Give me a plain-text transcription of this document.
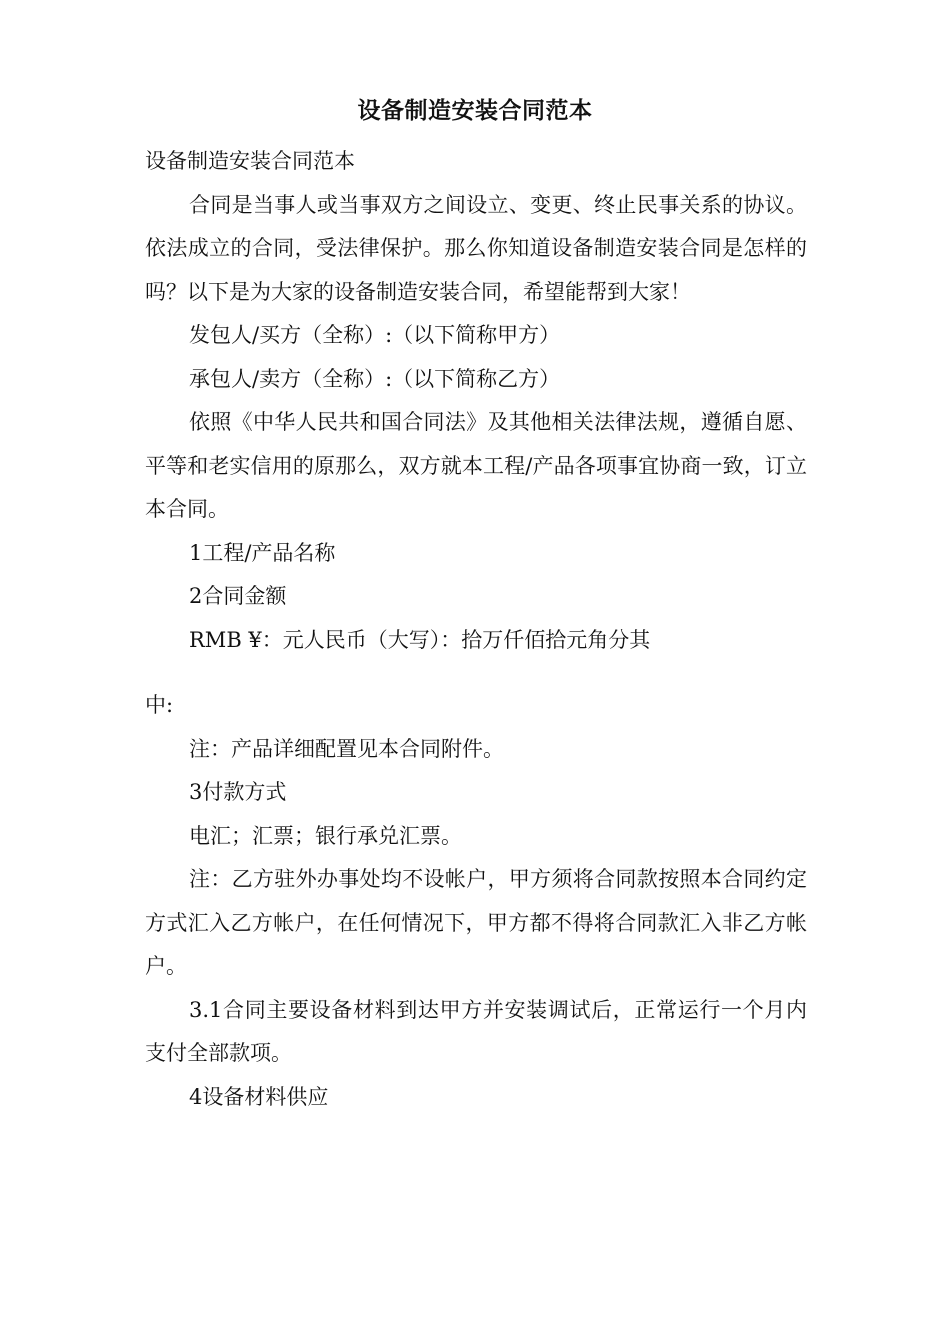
设备制造安装合同范本

设备制造安装合同范本

合同是当事人或当事双方之间设立、变更、终止民事关系的协议。依法成立的合同，受法律保护。那么你知道设备制造安装合同是怎样的吗？以下是为大家的设备制造安装合同，希望能帮到大家！

发包人/买方（全称）:（以下简称甲方）

承包人/卖方（全称）:（以下简称乙方）

依照《中华人民共和国合同法》及其他相关法律法规，遵循自愿、平等和老实信用的原那么，双方就本工程/产品各项事宜协商一致，订立本合同。

1工程/产品名称

2合同金额

RMB ¥：元人民币（大写）：拾万仟佰拾元角分其

中:

注：产品详细配置见本合同附件。

3付款方式

电汇；汇票；银行承兑汇票。

注：乙方驻外办事处均不设帐户，甲方须将合同款按照本合同约定方式汇入乙方帐户，在任何情况下，甲方都不得将合同款汇入非乙方帐户。

3.1合同主要设备材料到达甲方并安装调试后，正常运行一个月内支付全部款项。

4设备材料供应
